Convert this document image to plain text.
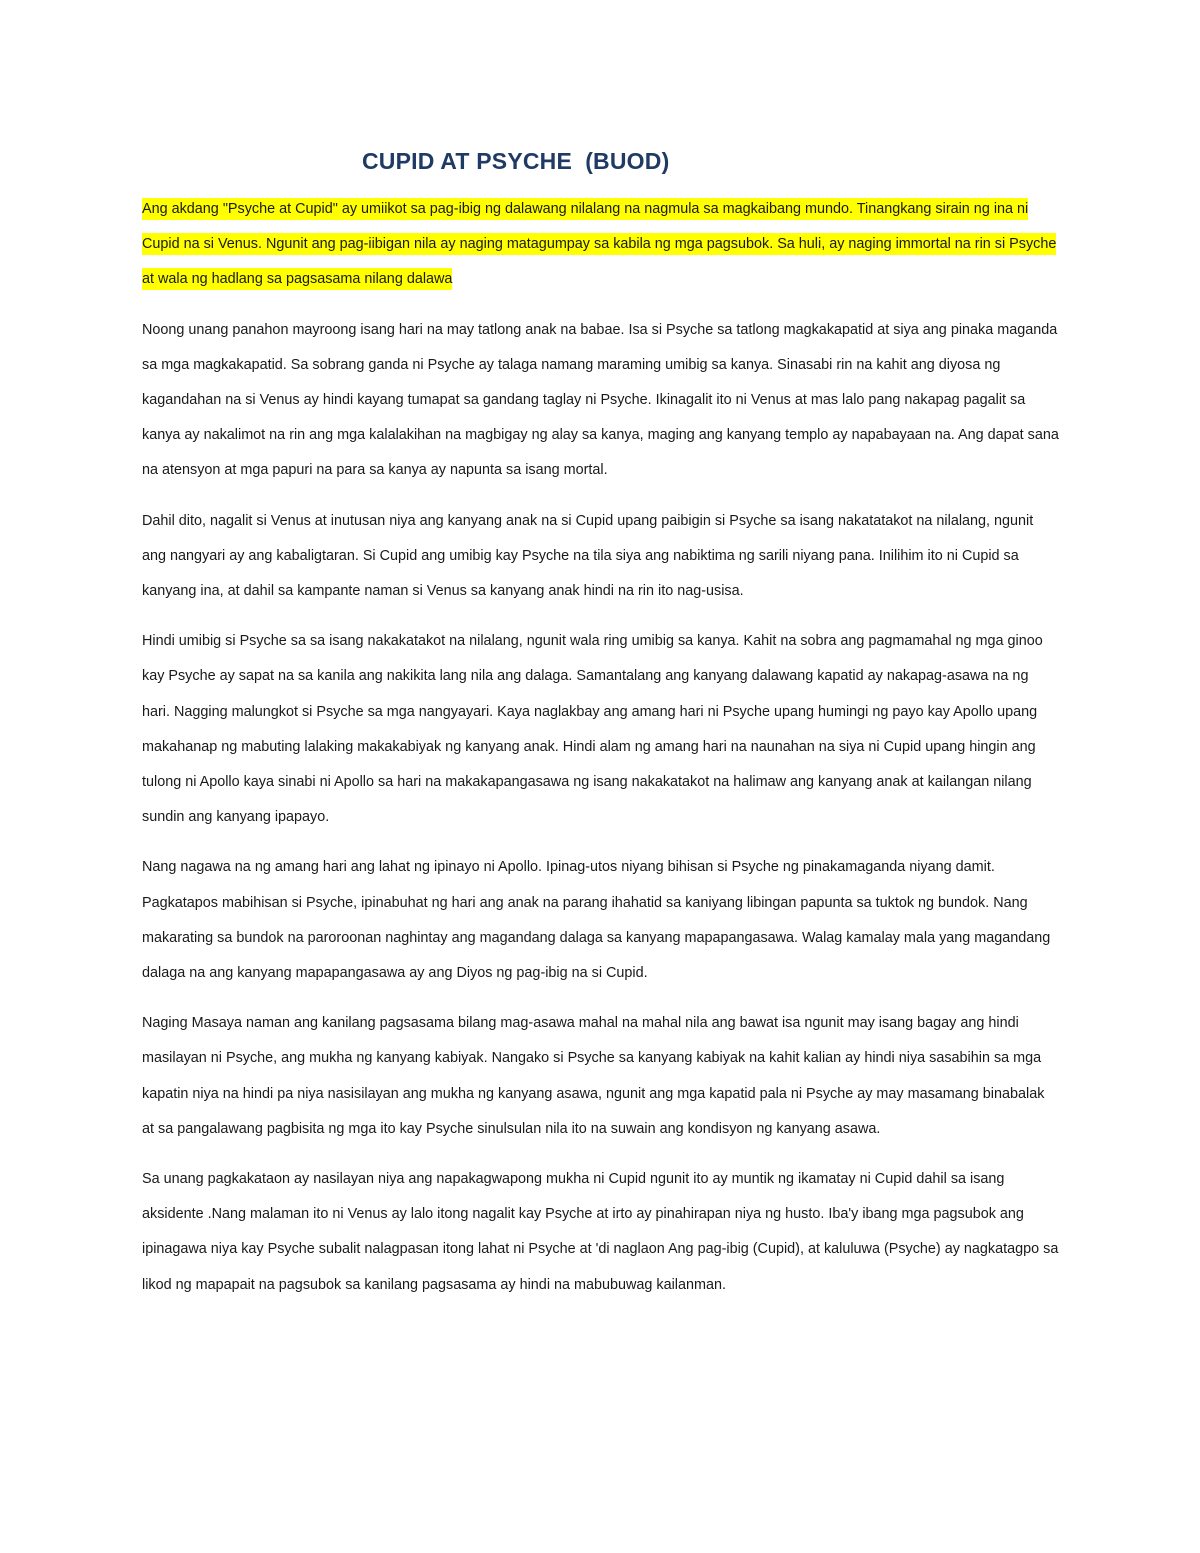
CUPID AT PSYCHE  (BUOD)

Ang akdang "Psyche at Cupid" ay umiikot sa pag-ibig ng dalawang nilalang na nagmula sa magkaibang mundo. Tinangkang sirain ng ina ni Cupid na si Venus. Ngunit ang pag-iibigan nila ay naging matagumpay sa kabila ng mga pagsubok. Sa huli, ay naging immortal na rin si Psyche at wala ng hadlang sa pagsasama nilang dalawa

Noong unang panahon mayroong isang hari na may tatlong anak na babae. Isa si Psyche sa tatlong magkakapatid at siya ang pinaka maganda sa mga magkakapatid. Sa sobrang ganda ni Psyche ay talaga namang maraming umibig sa kanya. Sinasabi rin na kahit ang diyosa ng kagandahan na si Venus ay hindi kayang tumapat sa gandang taglay ni Psyche. Ikinagalit ito ni Venus at mas lalo pang nakapag pagalit sa kanya ay nakalimot na rin ang mga kalalakihan na magbigay ng alay sa kanya, maging ang kanyang templo ay napabayaan na. Ang dapat sana na atensyon at mga papuri na para sa kanya ay napunta sa isang mortal.

Dahil dito, nagalit si Venus at inutusan niya ang kanyang anak na si Cupid upang paibigin si Psyche sa isang nakatatakot na nilalang, ngunit ang nangyari ay ang kabaligtaran. Si Cupid ang umibig kay Psyche na tila siya ang nabiktima ng sarili niyang pana. Inilihim ito ni Cupid sa kanyang ina, at dahil sa kampante naman si Venus sa kanyang anak hindi na rin ito nag-usisa.

Hindi umibig si Psyche sa sa isang nakakatakot na nilalang, ngunit wala ring umibig sa kanya. Kahit na sobra ang pagmamahal ng mga ginoo kay Psyche ay sapat na sa kanila ang nakikita lang nila ang dalaga. Samantalang ang kanyang dalawang kapatid ay nakapag-asawa na ng hari. Nagging malungkot si Psyche sa mga nangyayari. Kaya naglakbay ang amang hari ni Psyche upang humingi ng payo kay Apollo upang makahanap ng mabuting lalaking makakabiyak ng kanyang anak. Hindi alam ng amang hari na naunahan na siya ni Cupid upang hingin ang tulong ni Apollo kaya sinabi ni Apollo sa hari na makakapangasawa ng isang nakakatakot na halimaw ang kanyang anak at kailangan nilang sundin ang kanyang ipapayo.

Nang nagawa na ng amang hari ang lahat ng ipinayo ni Apollo. Ipinag-utos niyang bihisan si Psyche ng pinakamaganda niyang damit. Pagkatapos mabihisan si Psyche, ipinabuhat ng hari ang anak na parang ihahatid sa kaniyang libingan papunta sa tuktok ng bundok. Nang makarating sa bundok na paroroonan naghintay ang magandang dalaga sa kanyang mapapangasawa. Walag kamalay mala yang magandang dalaga na ang kanyang mapapangasawa ay ang Diyos ng pag-ibig na si Cupid.

Naging Masaya naman ang kanilang pagsasama bilang mag-asawa mahal na mahal nila ang bawat isa ngunit may isang bagay ang hindi masilayan ni Psyche, ang mukha ng kanyang kabiyak. Nangako si Psyche sa kanyang kabiyak na kahit kalian ay hindi niya sasabihin sa mga kapatin niya na hindi pa niya nasisilayan ang mukha ng kanyang asawa, ngunit ang mga kapatid pala ni Psyche ay may masamang binabalak at sa pangalawang pagbisita ng mga ito kay Psyche sinulsulan nila ito na suwain ang kondisyon ng kanyang asawa.

Sa unang pagkakataon ay nasilayan niya ang napakagwapong mukha ni Cupid ngunit ito ay muntik ng ikamatay ni Cupid dahil sa isang aksidente .Nang malaman ito ni Venus ay lalo itong nagalit kay Psyche at irto ay pinahirapan niya ng husto. Iba'y ibang mga pagsubok ang ipinagawa niya kay Psyche subalit nalagpasan itong lahat ni Psyche at 'di naglaon Ang pag-ibig (Cupid), at kaluluwa (Psyche) ay nagkatagpo sa likod ng mapapait na pagsubok sa kanilang pagsasama ay hindi na mabubuwag kailanman.
